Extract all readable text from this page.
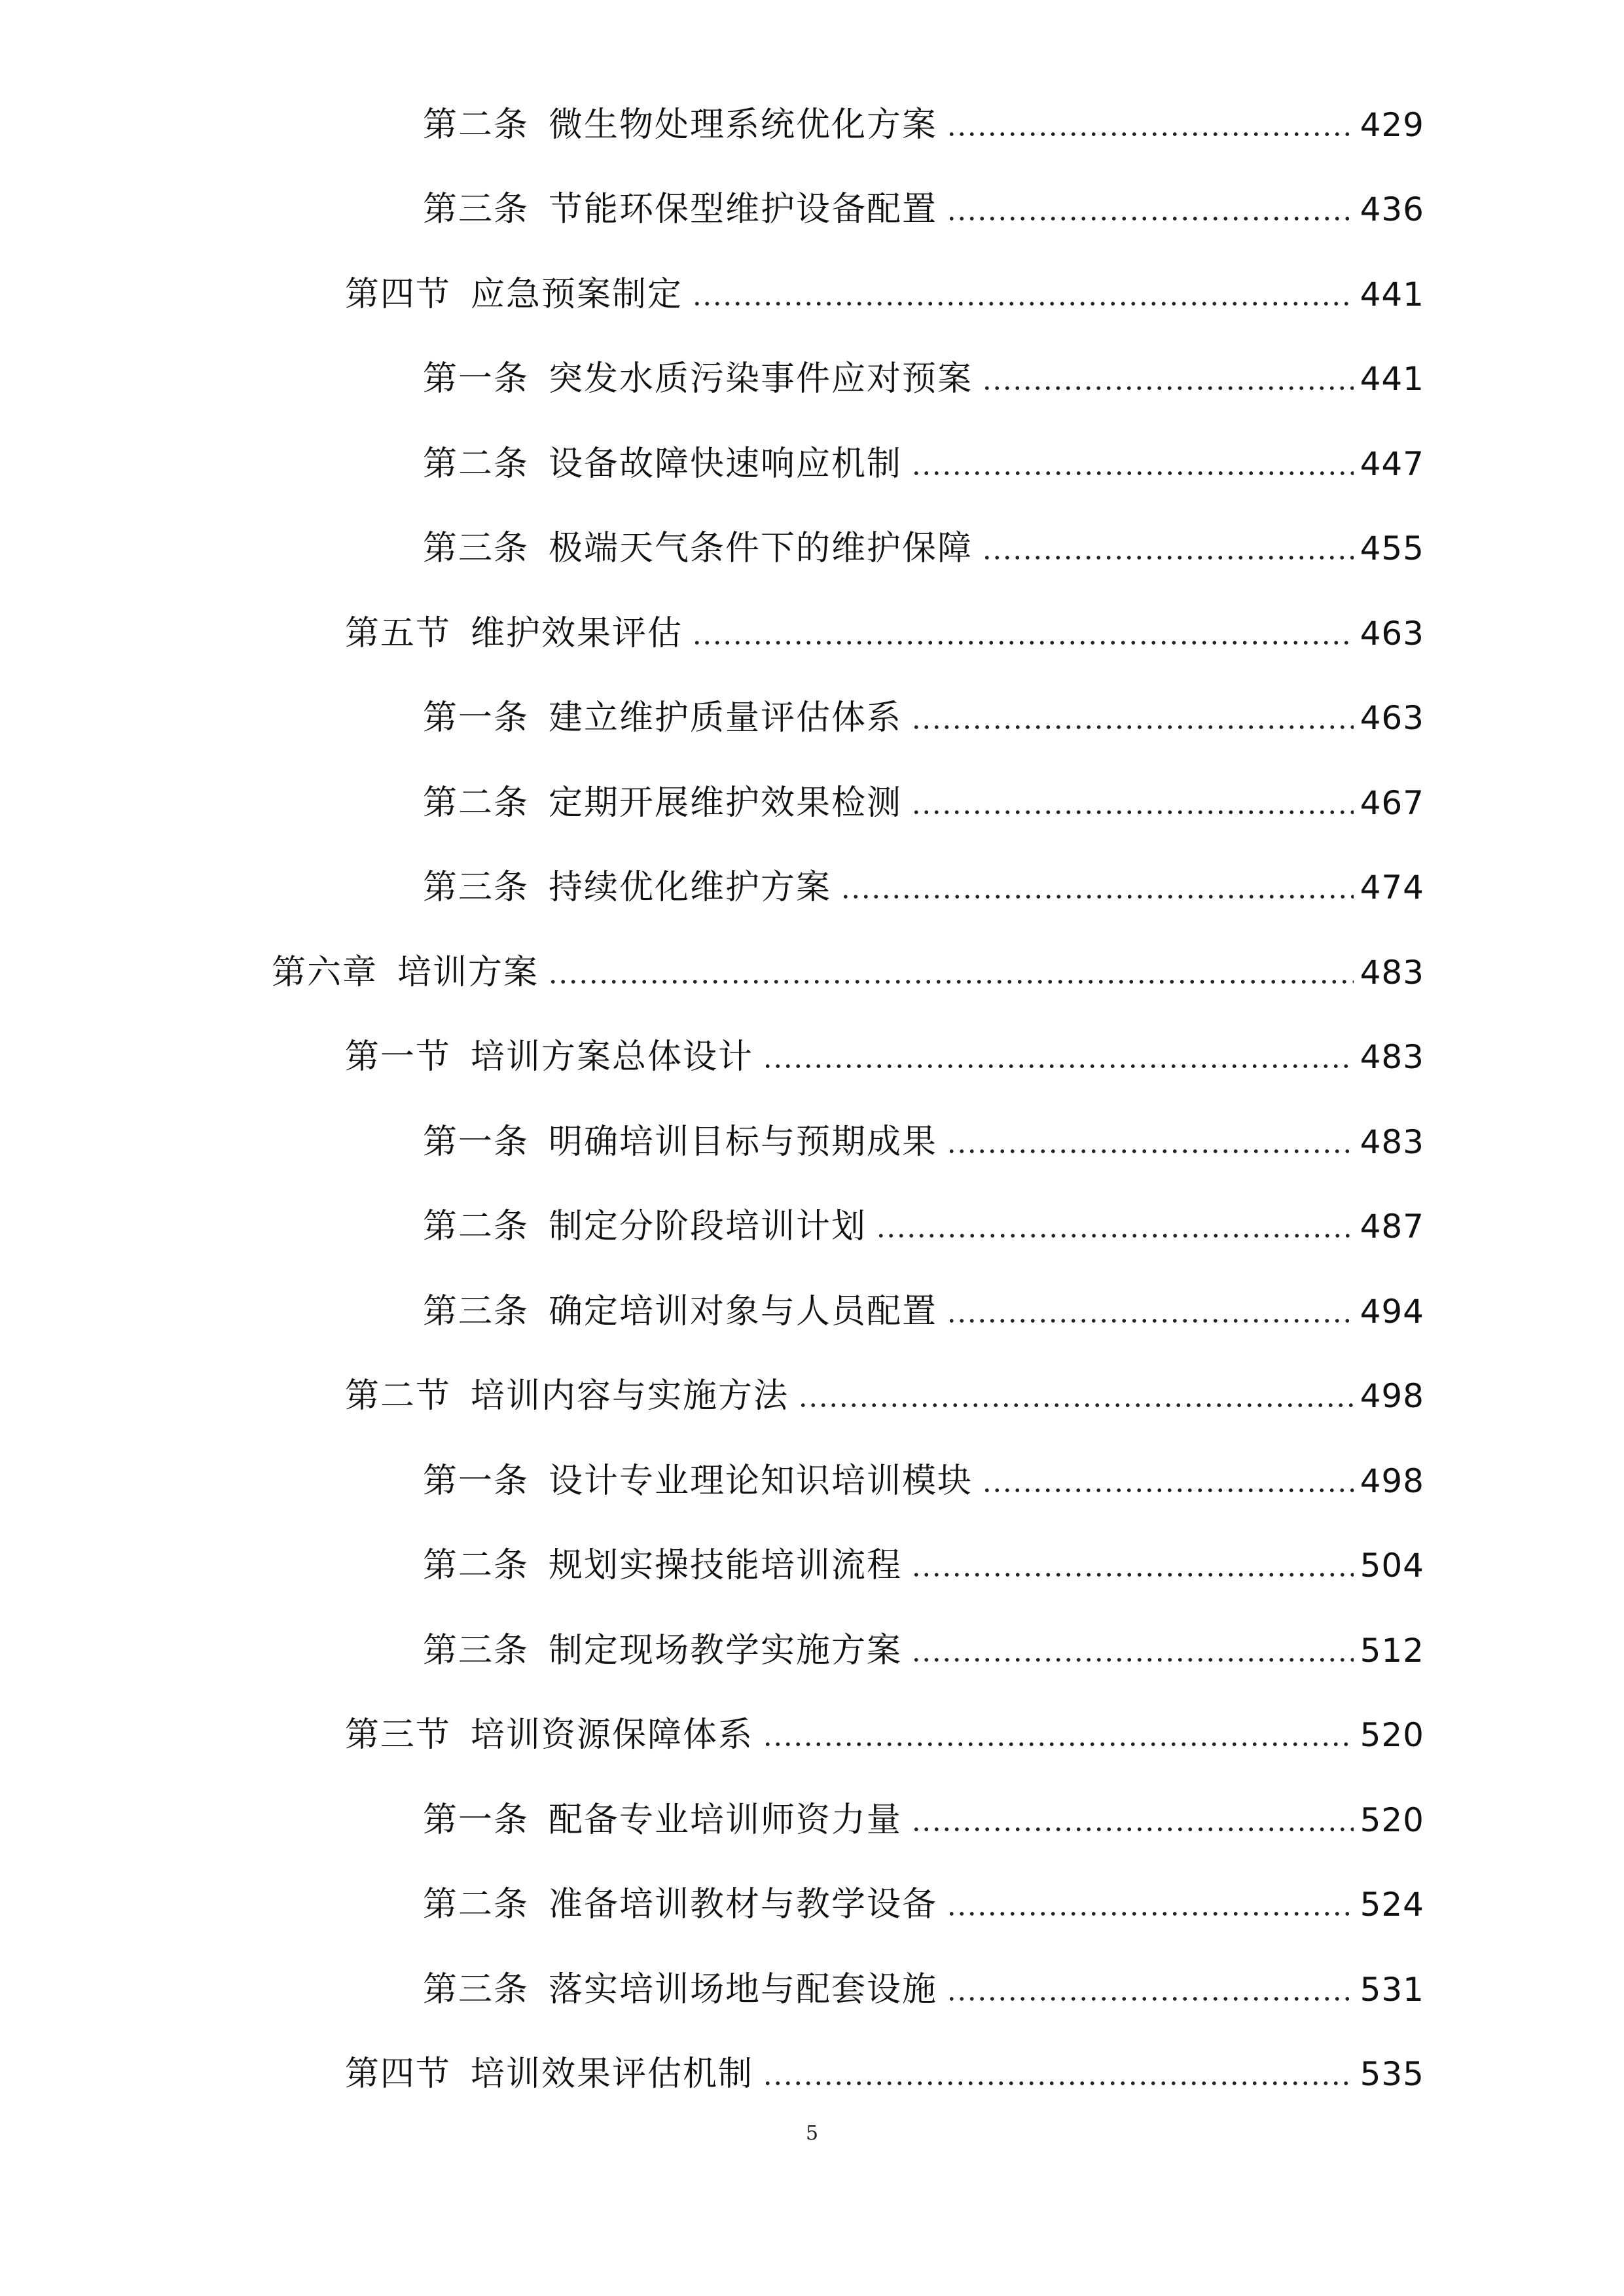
第二条 微生物处理系统优化方案	429
第三条 节能环保型维护设备配置	436
第四节 应急预案制定	441
第一条 突发水质污染事件应对预案	441
第二条 设备故障快速响应机制	447
第三条 极端天气条件下的维护保障	455
第五节 维护效果评估	463
第一条 建立维护质量评估体系	463
第二条 定期开展维护效果检测	467
第三条 持续优化维护方案	474
第六章 培训方案	483
第一节 培训方案总体设计	483
第一条 明确培训目标与预期成果	483
第二条 制定分阶段培训计划	487
第三条 确定培训对象与人员配置	494
第二节 培训内容与实施方法	498
第一条 设计专业理论知识培训模块	498
第二条 规划实操技能培训流程	504
第三条 制定现场教学实施方案	512
第三节 培训资源保障体系	520
第一条 配备专业培训师资力量	520
第二条 准备培训教材与教学设备	524
第三条 落实培训场地与配套设施	531
第四节 培训效果评估机制	535
5
